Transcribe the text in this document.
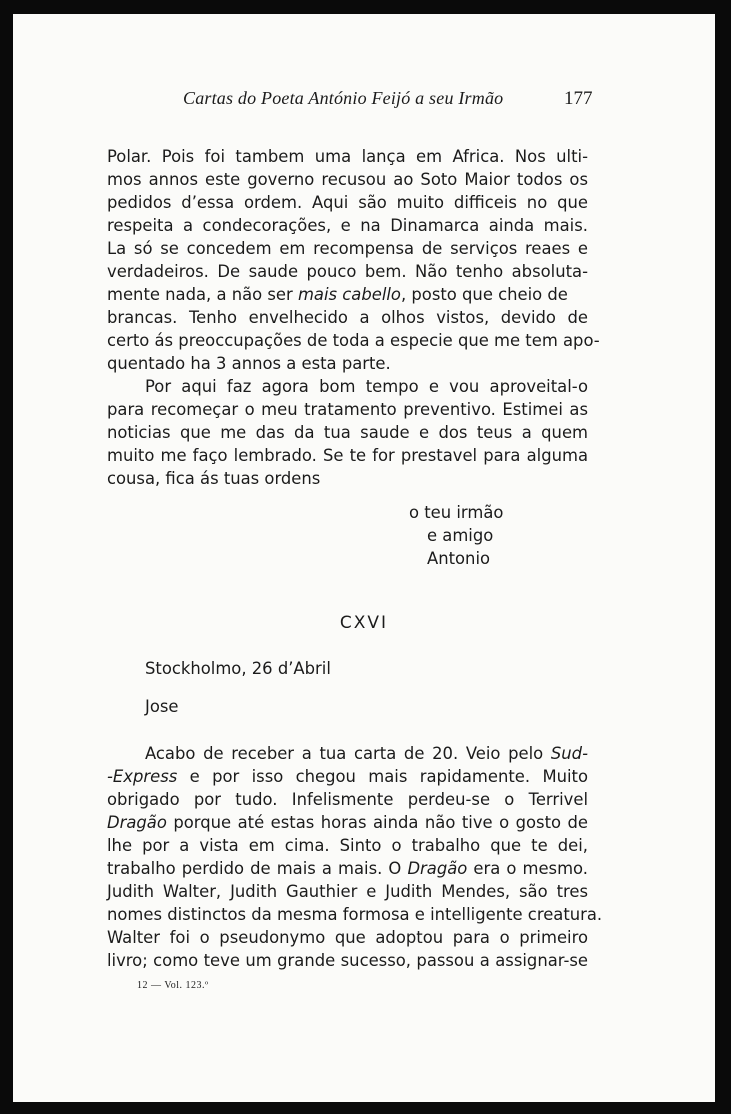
Cartas do Poeta António Feijó a seu Irmão	177
Polar. Pois foi tambem uma lança em Africa. Nos ulti-
mos annos este governo recusou ao Soto Maior todos os
pedidos d’essa ordem. Aqui são muito difficeis no que
respeita a condecorações, e na Dinamarca ainda mais.
La só se concedem em recompensa de serviços reaes e
verdadeiros. De saude pouco bem. Não tenho absoluta-
mente nada, a não ser mais cabello, posto que cheio de
brancas. Tenho envelhecido a olhos vistos, devido de
certo ás preoccupações de toda a especie que me tem apo-
quentado ha 3 annos a esta parte.
Por aqui faz agora bom tempo e vou aproveital-o
para recomeçar o meu tratamento preventivo. Estimei as
noticias que me das da tua saude e dos teus a quem
muito me faço lembrado. Se te for prestavel para alguma
cousa, fica ás tuas ordens
o teu irmão
e amigo
Antonio
CXVI
Stockholmo, 26 d’Abril
Jose
Acabo de receber a tua carta de 20. Veio pelo Sud-
-Express e por isso chegou mais rapidamente. Muito
obrigado por tudo. Infelismente perdeu-se o Terrivel
Dragão porque até estas horas ainda não tive o gosto de
lhe por a vista em cima. Sinto o trabalho que te dei,
trabalho perdido de mais a mais. O Dragão era o mesmo.
Judith Walter, Judith Gauthier e Judith Mendes, são tres
nomes distinctos da mesma formosa e intelligente creatura.
Walter foi o pseudonymo que adoptou para o primeiro
livro; como teve um grande sucesso, passou a assignar-se
12 — Vol. 123.º
